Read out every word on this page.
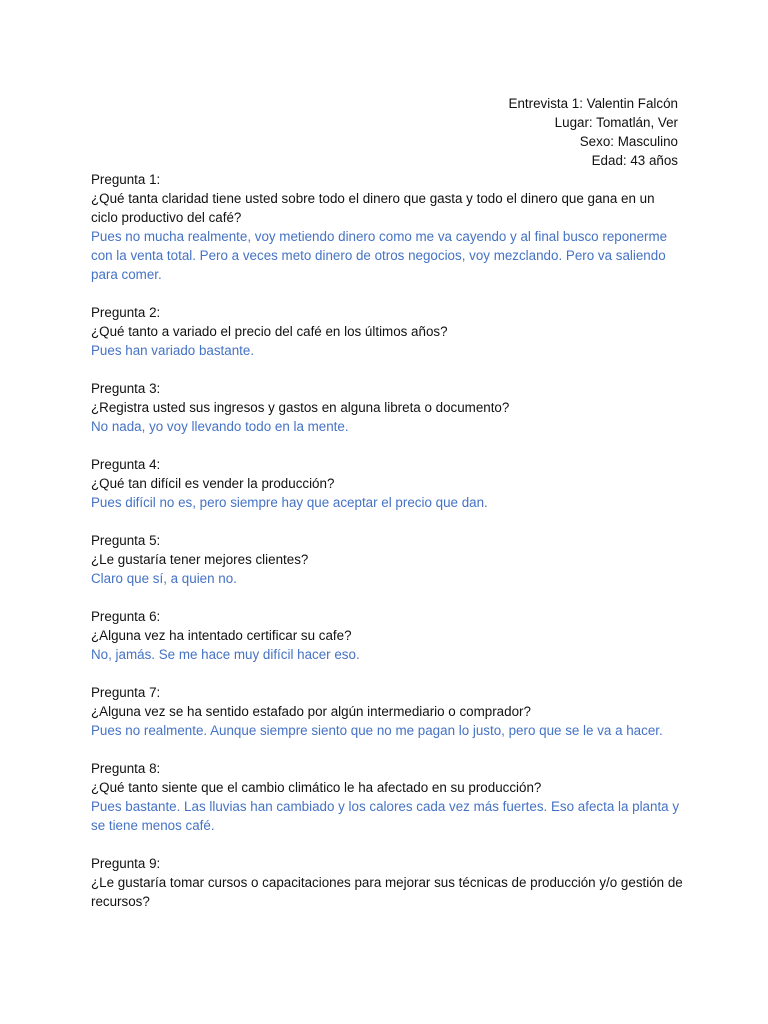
Entrevista 1: Valentin Falcón
Lugar: Tomatlán, Ver
Sexo: Masculino
Edad: 43 años

Pregunta 1:

¿Qué tanta claridad tiene usted sobre todo el dinero que gasta y todo el dinero que gana en un ciclo productivo del café?

Pues no mucha realmente, voy metiendo dinero como me va cayendo y al final busco reponerme con la venta total. Pero a veces meto dinero de otros negocios, voy mezclando. Pero va saliendo para comer.

Pregunta 2:

¿Qué tanto a variado el precio del café en los últimos años?

Pues han variado bastante.

Pregunta 3:

¿Registra usted sus ingresos y gastos en alguna libreta o documento?

No nada, yo voy llevando todo en la mente.

Pregunta 4:

¿Qué tan difícil es vender la producción?

Pues difícil no es, pero siempre hay que aceptar el precio que dan.

Pregunta 5:

¿Le gustaría tener mejores clientes?

Claro que sí, a quien no.

Pregunta 6:

¿Alguna vez ha intentado certificar su cafe?

No, jamás. Se me hace muy difícil hacer eso.

Pregunta 7:

¿Alguna vez se ha sentido estafado por algún intermediario o comprador?

Pues no realmente. Aunque siempre siento que no me pagan lo justo, pero que se le va a hacer.

Pregunta 8:

¿Qué tanto siente que el cambio climático le ha afectado en su producción?

Pues bastante. Las lluvias han cambiado y los calores cada vez más fuertes. Eso afecta la planta y se tiene menos café.

Pregunta 9:

¿Le gustaría tomar cursos o capacitaciones para mejorar sus técnicas de producción y/o gestión de recursos?
